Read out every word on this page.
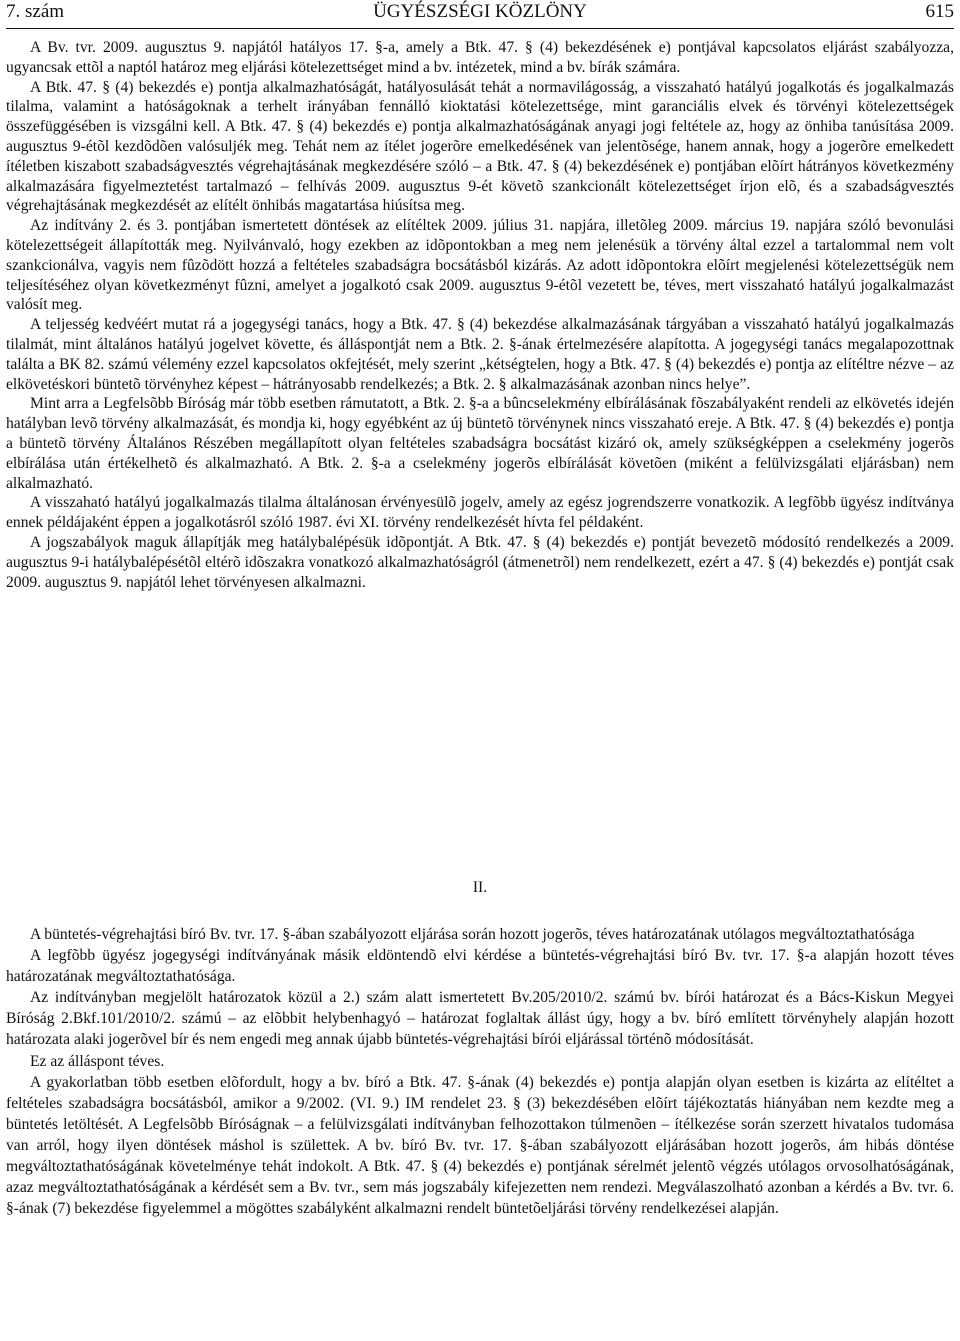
7. szám	ÜGYÉSZSÉGI KÖZLÖNY	615

A Bv. tvr. 2009. augusztus 9. napjától hatályos 17. §-a, amely a Btk. 47. § (4) bekezdésének e) pontjával kapcsolatos eljárást szabályozza, ugyancsak ettõl a naptól határoz meg eljárási kötelezettséget mind a bv. intézetek, mind a bv. bírák számára.

A Btk. 47. § (4) bekezdés e) pontja alkalmazhatóságát, hatályosulását tehát a normavilágosság, a visszaható hatályú jogalkotás és jogalkalmazás tilalma, valamint a hatóságoknak a terhelt irányában fennálló kioktatási kötelezettsége, mint garanciális elvek és törvényi kötelezettségek összefüggésében is vizsgálni kell. A Btk. 47. § (4) bekezdés e) pontja alkalmazhatóságának anyagi jogi feltétele az, hogy az önhiba tanúsítása 2009. augusztus 9-étõl kezdõdõen valósuljék meg. Tehát nem az ítélet jogerõre emelkedésének van jelentõsége, hanem annak, hogy a jogerõre emelkedett ítéletben kiszabott szabadságvesztés végrehajtásának megkezdésére szóló – a Btk. 47. § (4) bekezdésének e) pontjában elõírt hátrányos következmény alkalmazására figyelmeztetést tartalmazó – felhívás 2009. augusztus 9-ét követõ szankcionált kötelezettséget írjon elõ, és a szabadságvesztés végrehajtásának megkezdését az elítélt önhibás magatartása hiúsítsa meg.

Az indítvány 2. és 3. pontjában ismertetett döntések az elítéltek 2009. július 31. napjára, illetõleg 2009. március 19. napjára szóló bevonulási kötelezettségeit állapították meg. Nyilvánvaló, hogy ezekben az idõpontokban a meg nem jelenésük a törvény által ezzel a tartalommal nem volt szankcionálva, vagyis nem fûzõdött hozzá a feltételes szabadságra bocsátásból kizárás. Az adott idõpontokra elõírt megjelenési kötelezettségük nem teljesítéséhez olyan következményt fûzni, amelyet a jogalkotó csak 2009. augusztus 9-étõl vezetett be, téves, mert visszaható hatályú jogalkalmazást valósít meg.

A teljesség kedvéért mutat rá a jogegységi tanács, hogy a Btk. 47. § (4) bekezdése alkalmazásának tárgyában a visszaható hatályú jogalkalmazás tilalmát, mint általános hatályú jogelvet követte, és álláspontját nem a Btk. 2. §-ának értelmezésére alapította. A jogegységi tanács megalapozottnak találta a BK 82. számú vélemény ezzel kapcsolatos okfejtését, mely szerint „kétségtelen, hogy a Btk. 47. § (4) bekezdés e) pontja az elítéltre nézve – az elkövetéskori büntetõ törvényhez képest – hátrányosabb rendelkezés; a Btk. 2. § alkalmazásának azonban nincs helye”.

Mint arra a Legfelsõbb Bíróság már több esetben rámutatott, a Btk. 2. §-a a bûncselekmény elbírálásának fõszabályaként rendeli az elkövetés idején hatályban levõ törvény alkalmazását, és mondja ki, hogy egyébként az új büntetõ törvénynek nincs visszaható ereje. A Btk. 47. § (4) bekezdés e) pontja a büntetõ törvény Általános Részében megállapított olyan feltételes szabadságra bocsátást kizáró ok, amely szükségképpen a cselekmény jogerõs elbírálása után értékelhetõ és alkalmazható. A Btk. 2. §-a a cselekmény jogerõs elbírálását követõen (miként a felülvizsgálati eljárásban) nem alkalmazható.

A visszaható hatályú jogalkalmazás tilalma általánosan érvényesülõ jogelv, amely az egész jogrendszerre vonatkozik. A legfõbb ügyész indítványa ennek példájaként éppen a jogalkotásról szóló 1987. évi XI. törvény rendelkezését hívta fel példaként.

A jogszabályok maguk állapítják meg hatálybalépésük idõpontját. A Btk. 47. § (4) bekezdés e) pontját bevezetõ módosító rendelkezés a 2009. augusztus 9-i hatálybalépésétõl eltérõ idõszakra vonatkozó alkalmazhatóságról (átmenetrõl) nem rendelkezett, ezért a 47. § (4) bekezdés e) pontját csak 2009. augusztus 9. napjától lehet törvényesen alkalmazni.

II.

A büntetés-végrehajtási bíró Bv. tvr. 17. §-ában szabályozott eljárása során hozott jogerõs, téves határozatának utólagos megváltoztathatósága

A legfõbb ügyész jogegységi indítványának másik eldöntendõ elvi kérdése a büntetés-végrehajtási bíró Bv. tvr. 17. §-a alapján hozott téves határozatának megváltoztathatósága.

Az indítványban megjelölt határozatok közül a 2.) szám alatt ismertetett Bv.205/2010/2. számú bv. bírói határozat és a Bács-Kiskun Megyei Bíróság 2.Bkf.101/2010/2. számú – az elõbbit helybenhagyó – határozat foglaltak állást úgy, hogy a bv. bíró említett törvényhely alapján hozott határozata alaki jogerõvel bír és nem engedi meg annak újabb büntetés-végrehajtási bírói eljárással történõ módosítását.

Ez az álláspont téves.

A gyakorlatban több esetben elõfordult, hogy a bv. bíró a Btk. 47. §-ának (4) bekezdés e) pontja alapján olyan esetben is kizárta az elítéltet a feltételes szabadságra bocsátásból, amikor a 9/2002. (VI. 9.) IM rendelet 23. § (3) bekezdésében elõírt tájékoztatás hiányában nem kezdte meg a büntetés letöltését. A Legfelsõbb Bíróságnak – a felülvizsgálati indítványban felhozottakon túlmenõen – ítélkezése során szerzett hivatalos tudomása van arról, hogy ilyen döntések máshol is születtek. A bv. bíró Bv. tvr. 17. §-ában szabályozott eljárásában hozott jogerõs, ám hibás döntése megváltoztathatóságának követelménye tehát indokolt. A Btk. 47. § (4) bekezdés e) pontjának sérelmét jelentõ végzés utólagos orvosolhatóságának, azaz megváltoztathatóságának a kérdését sem a Bv. tvr., sem más jogszabály kifejezetten nem rendezi. Megválaszolható azonban a kérdés a Bv. tvr. 6. §-ának (7) bekezdése figyelemmel a mögöttes szabályként alkalmazni rendelt büntetõeljárási törvény rendelkezései alapján.
